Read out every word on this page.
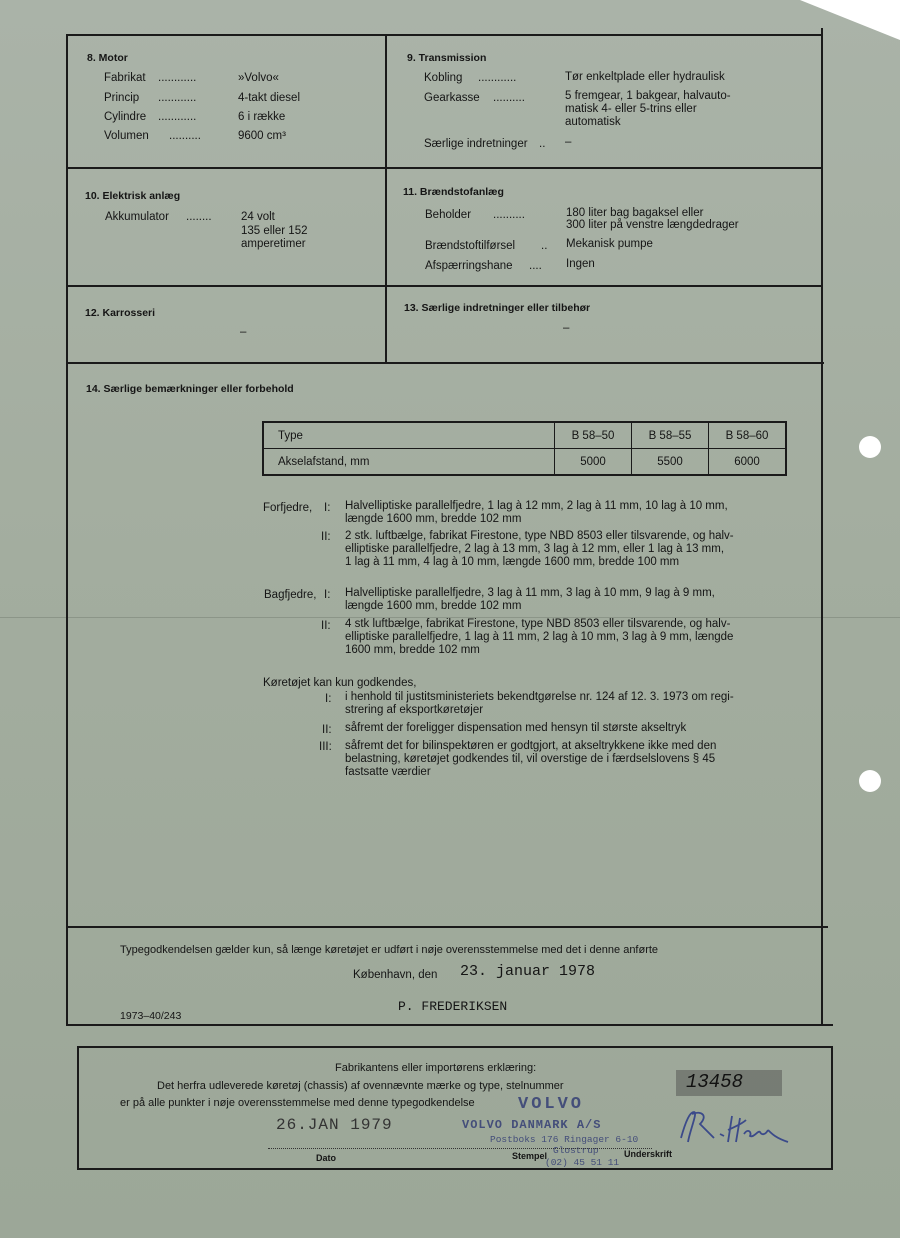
8. Motor
Fabrikat ............	»Volvo«
Princip ............	4-takt diesel
Cylindre ............	6 i række
Volumen ..........	9600 cm³
9. Transmission
Kobling ............	Tør enkeltplade eller hydraulisk
Gearkasse ..........	5 fremgear, 1 bakgear, halvauto-
matisk 4- eller 5-trins eller
automatisk
Særlige indretninger .. –
10. Elektrisk anlæg
Akkumulator ........	24 volt
135 eller 152
amperetimer
11. Brændstofanlæg
Beholder ..........	180 liter bag bagaksel eller
300 liter på venstre længdedrager
Brændstoftilførsel .. Mekanisk pumpe
Afspærringshane .... Ingen
12. Karrosseri
–
13. Særlige indretninger eller tilbehør
–
14. Særlige bemærkninger eller forbehold
Type	B 58–50	B 58–55	B 58–60
Akselafstand, mm	5000	5500	6000
Forfjedre, I: Halvelliptiske parallelfjedre, 1 lag à 12 mm, 2 lag à 11 mm, 10 lag à 10 mm,
længde 1600 mm, bredde 102 mm
II: 2 stk. luftbælge, fabrikat Firestone, type NBD 8503 eller tilsvarende, og halv-
elliptiske parallelfjedre, 2 lag à 13 mm, 3 lag à 12 mm, eller 1 lag à 13 mm,
1 lag à 11 mm, 4 lag à 10 mm, længde 1600 mm, bredde 100 mm
Bagfjedre, I: Halvelliptiske parallelfjedre, 3 lag à 11 mm, 3 lag à 10 mm, 9 lag à 9 mm,
længde 1600 mm, bredde 102 mm
II: 4 stk luftbælge, fabrikat Firestone, type NBD 8503 eller tilsvarende, og halv-
elliptiske parallelfjedre, 1 lag à 11 mm, 2 lag à 10 mm, 3 lag à 9 mm, længde
1600 mm, bredde 102 mm
Køretøjet kan kun godkendes,
I: i henhold til justitsministeriets bekendtgørelse nr. 124 af 12. 3. 1973 om regi-
strering af eksportkøretøjer
II: såfremt der foreligger dispensation med hensyn til største akseltryk
III: såfremt det for bilinspektøren er godtgjort, at akseltrykkene ikke med den
belastning, køretøjet godkendes til, vil overstige de i færdselslovens § 45
fastsatte værdier
Typegodkendelsen gælder kun, så længe køretøjet er udført i nøje overensstemmelse med det i denne anførte
København, den 23. januar 1978
P. FREDERIKSEN
1973–40/243
Fabrikantens eller importørens erklæring:
Det herfra udleverede køretøj (chassis) af ovennævnte mærke og type, stelnummer
er på alle punkter i nøje overensstemmelse med denne typegodkendelse
13458
26.JAN 1979
VOLVO
VOLVO DANMARK A/S
Postboks 176 Ringager 6-10
Glostrup
(02) 45 51 11
Dato	Stempel	Underskrift
